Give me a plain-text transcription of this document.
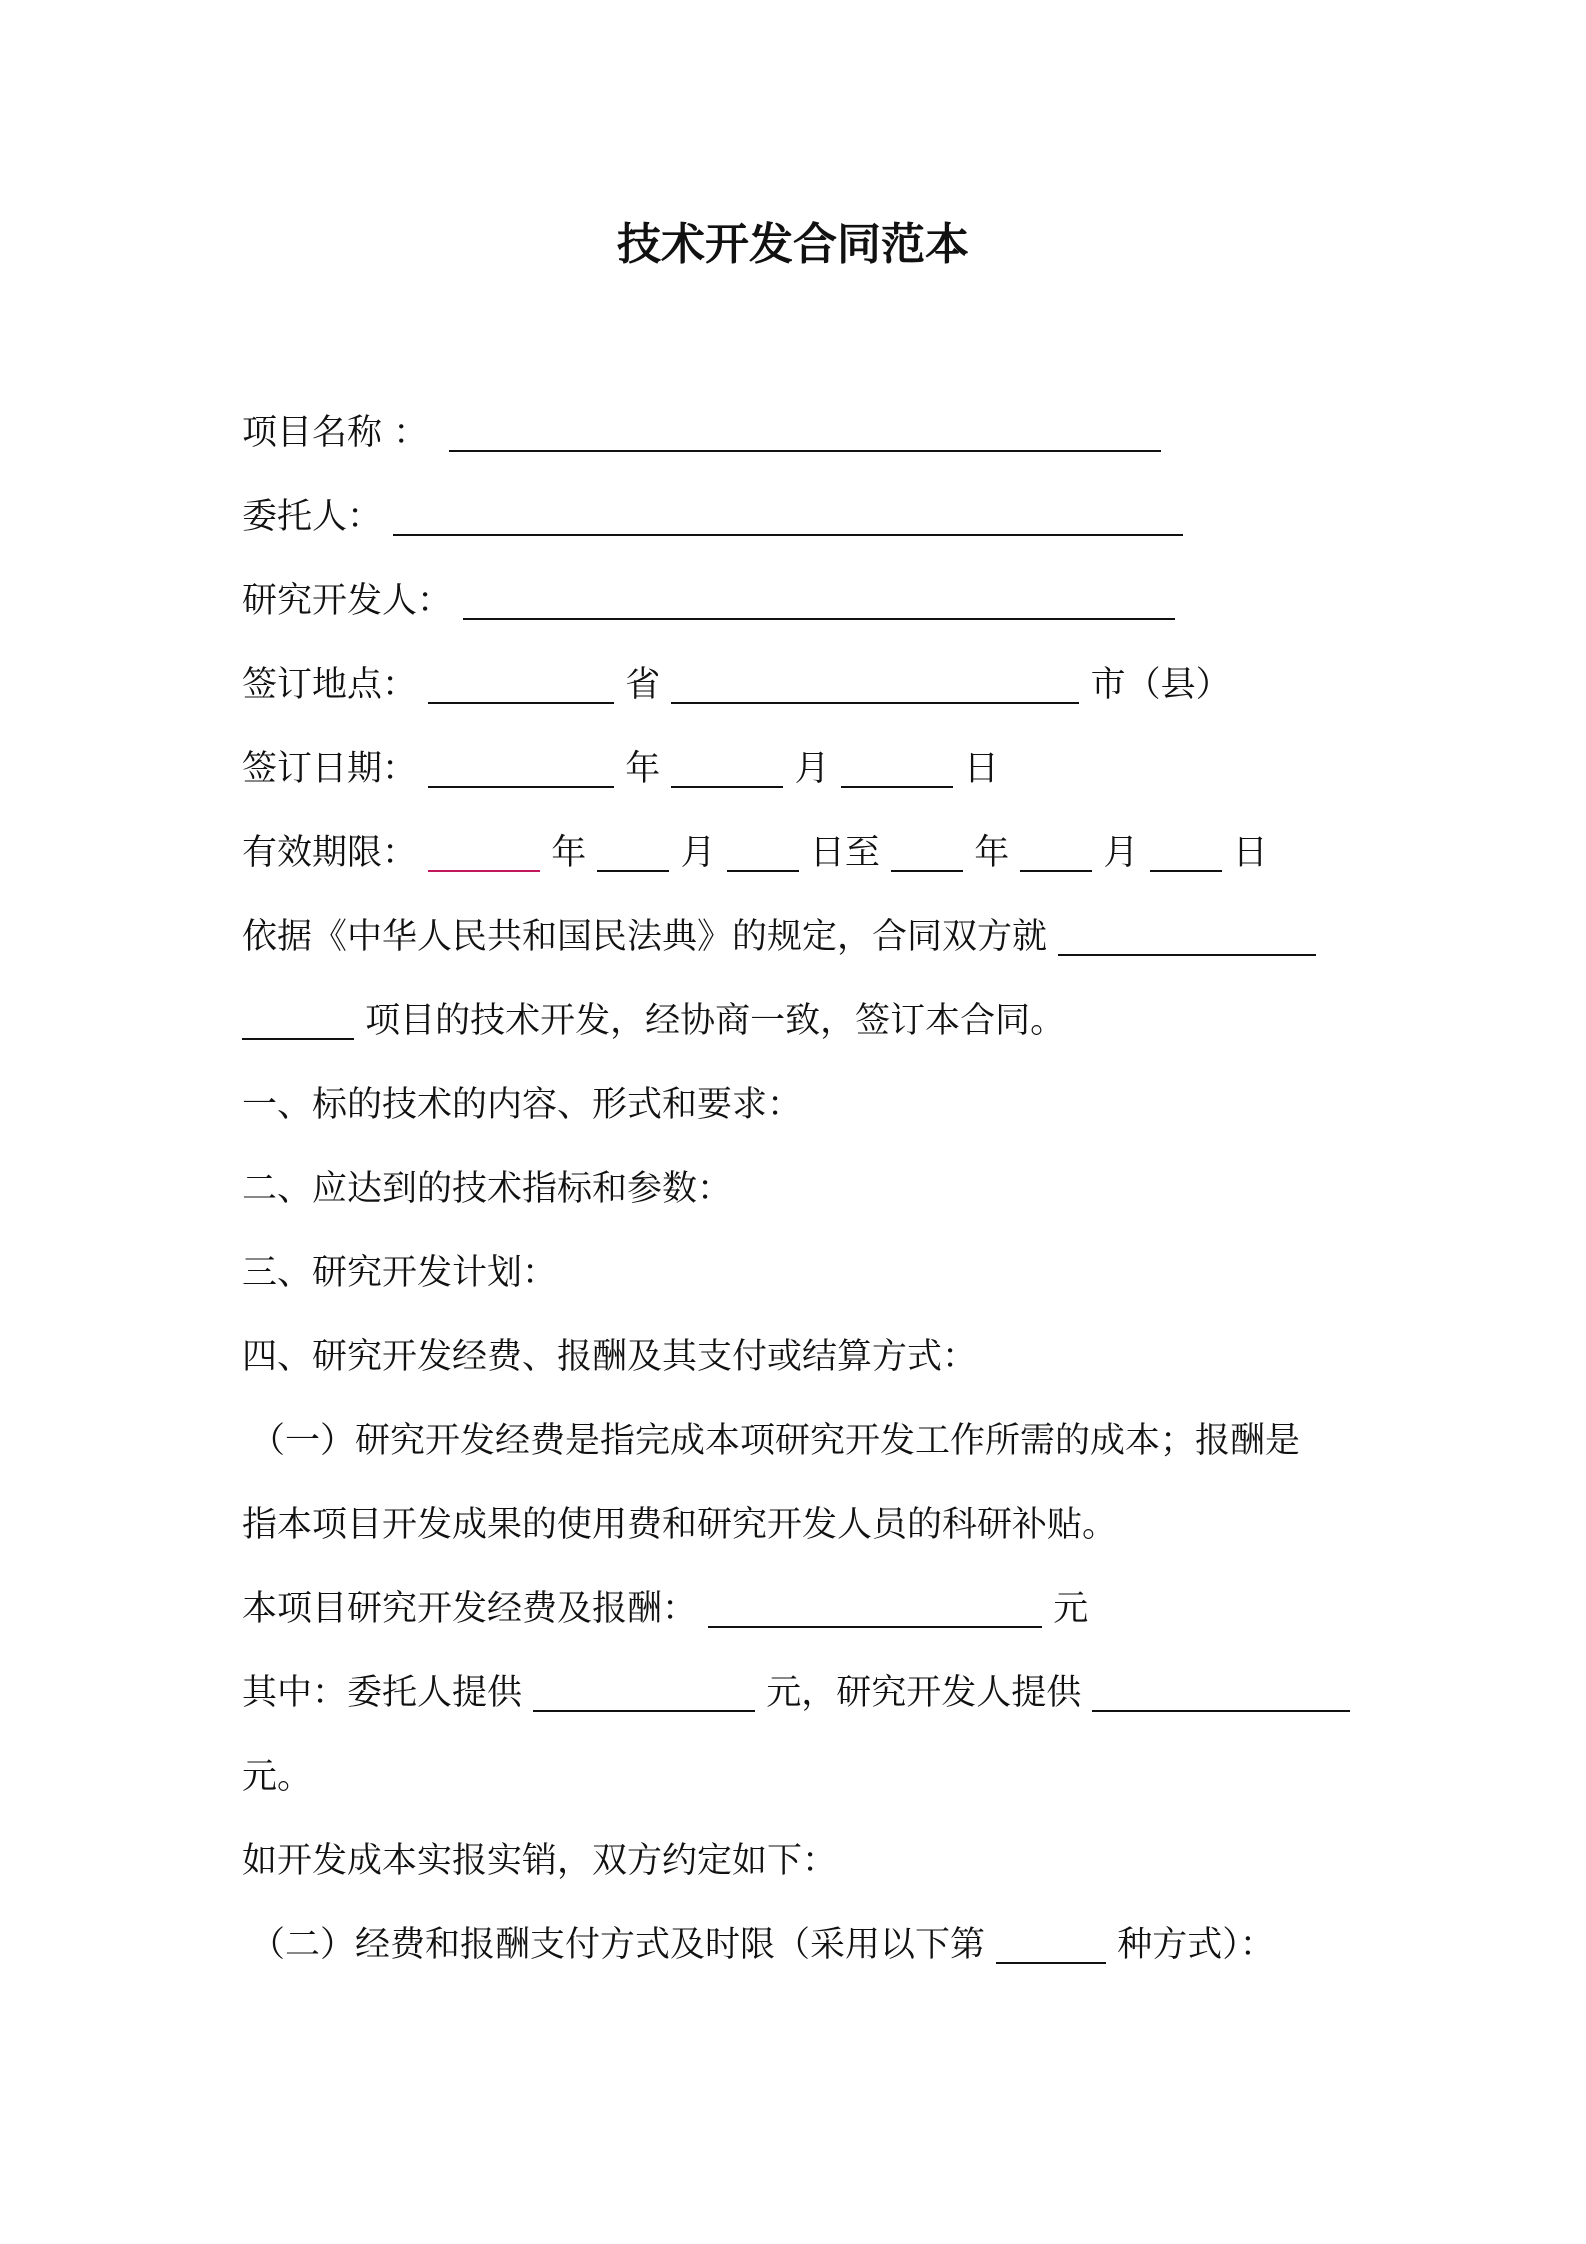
技术开发合同范本
项目名称 ：
委托人：
研究开发人：
签订地点：	省	市（县）
签订日期：	年	月	日
有效期限：	年	月	日至	年	月	日
依据《中华人民共和国民法典》的规定，合同双方就
项目的技术开发，经协商一致，签订本合同。
一、标的技术的内容、形式和要求：
二、应达到的技术指标和参数：
三、研究开发计划：
四、研究开发经费、报酬及其支付或结算方式：
（一）研究开发经费是指完成本项研究开发工作所需的成本；报酬是
指本项目开发成果的使用费和研究开发人员的科研补贴。
本项目研究开发经费及报酬：	元
其中：委托人提供	元，研究开发人提供
元。
如开发成本实报实销，双方约定如下：
（二）经费和报酬支付方式及时限（采用以下第	种方式）：
